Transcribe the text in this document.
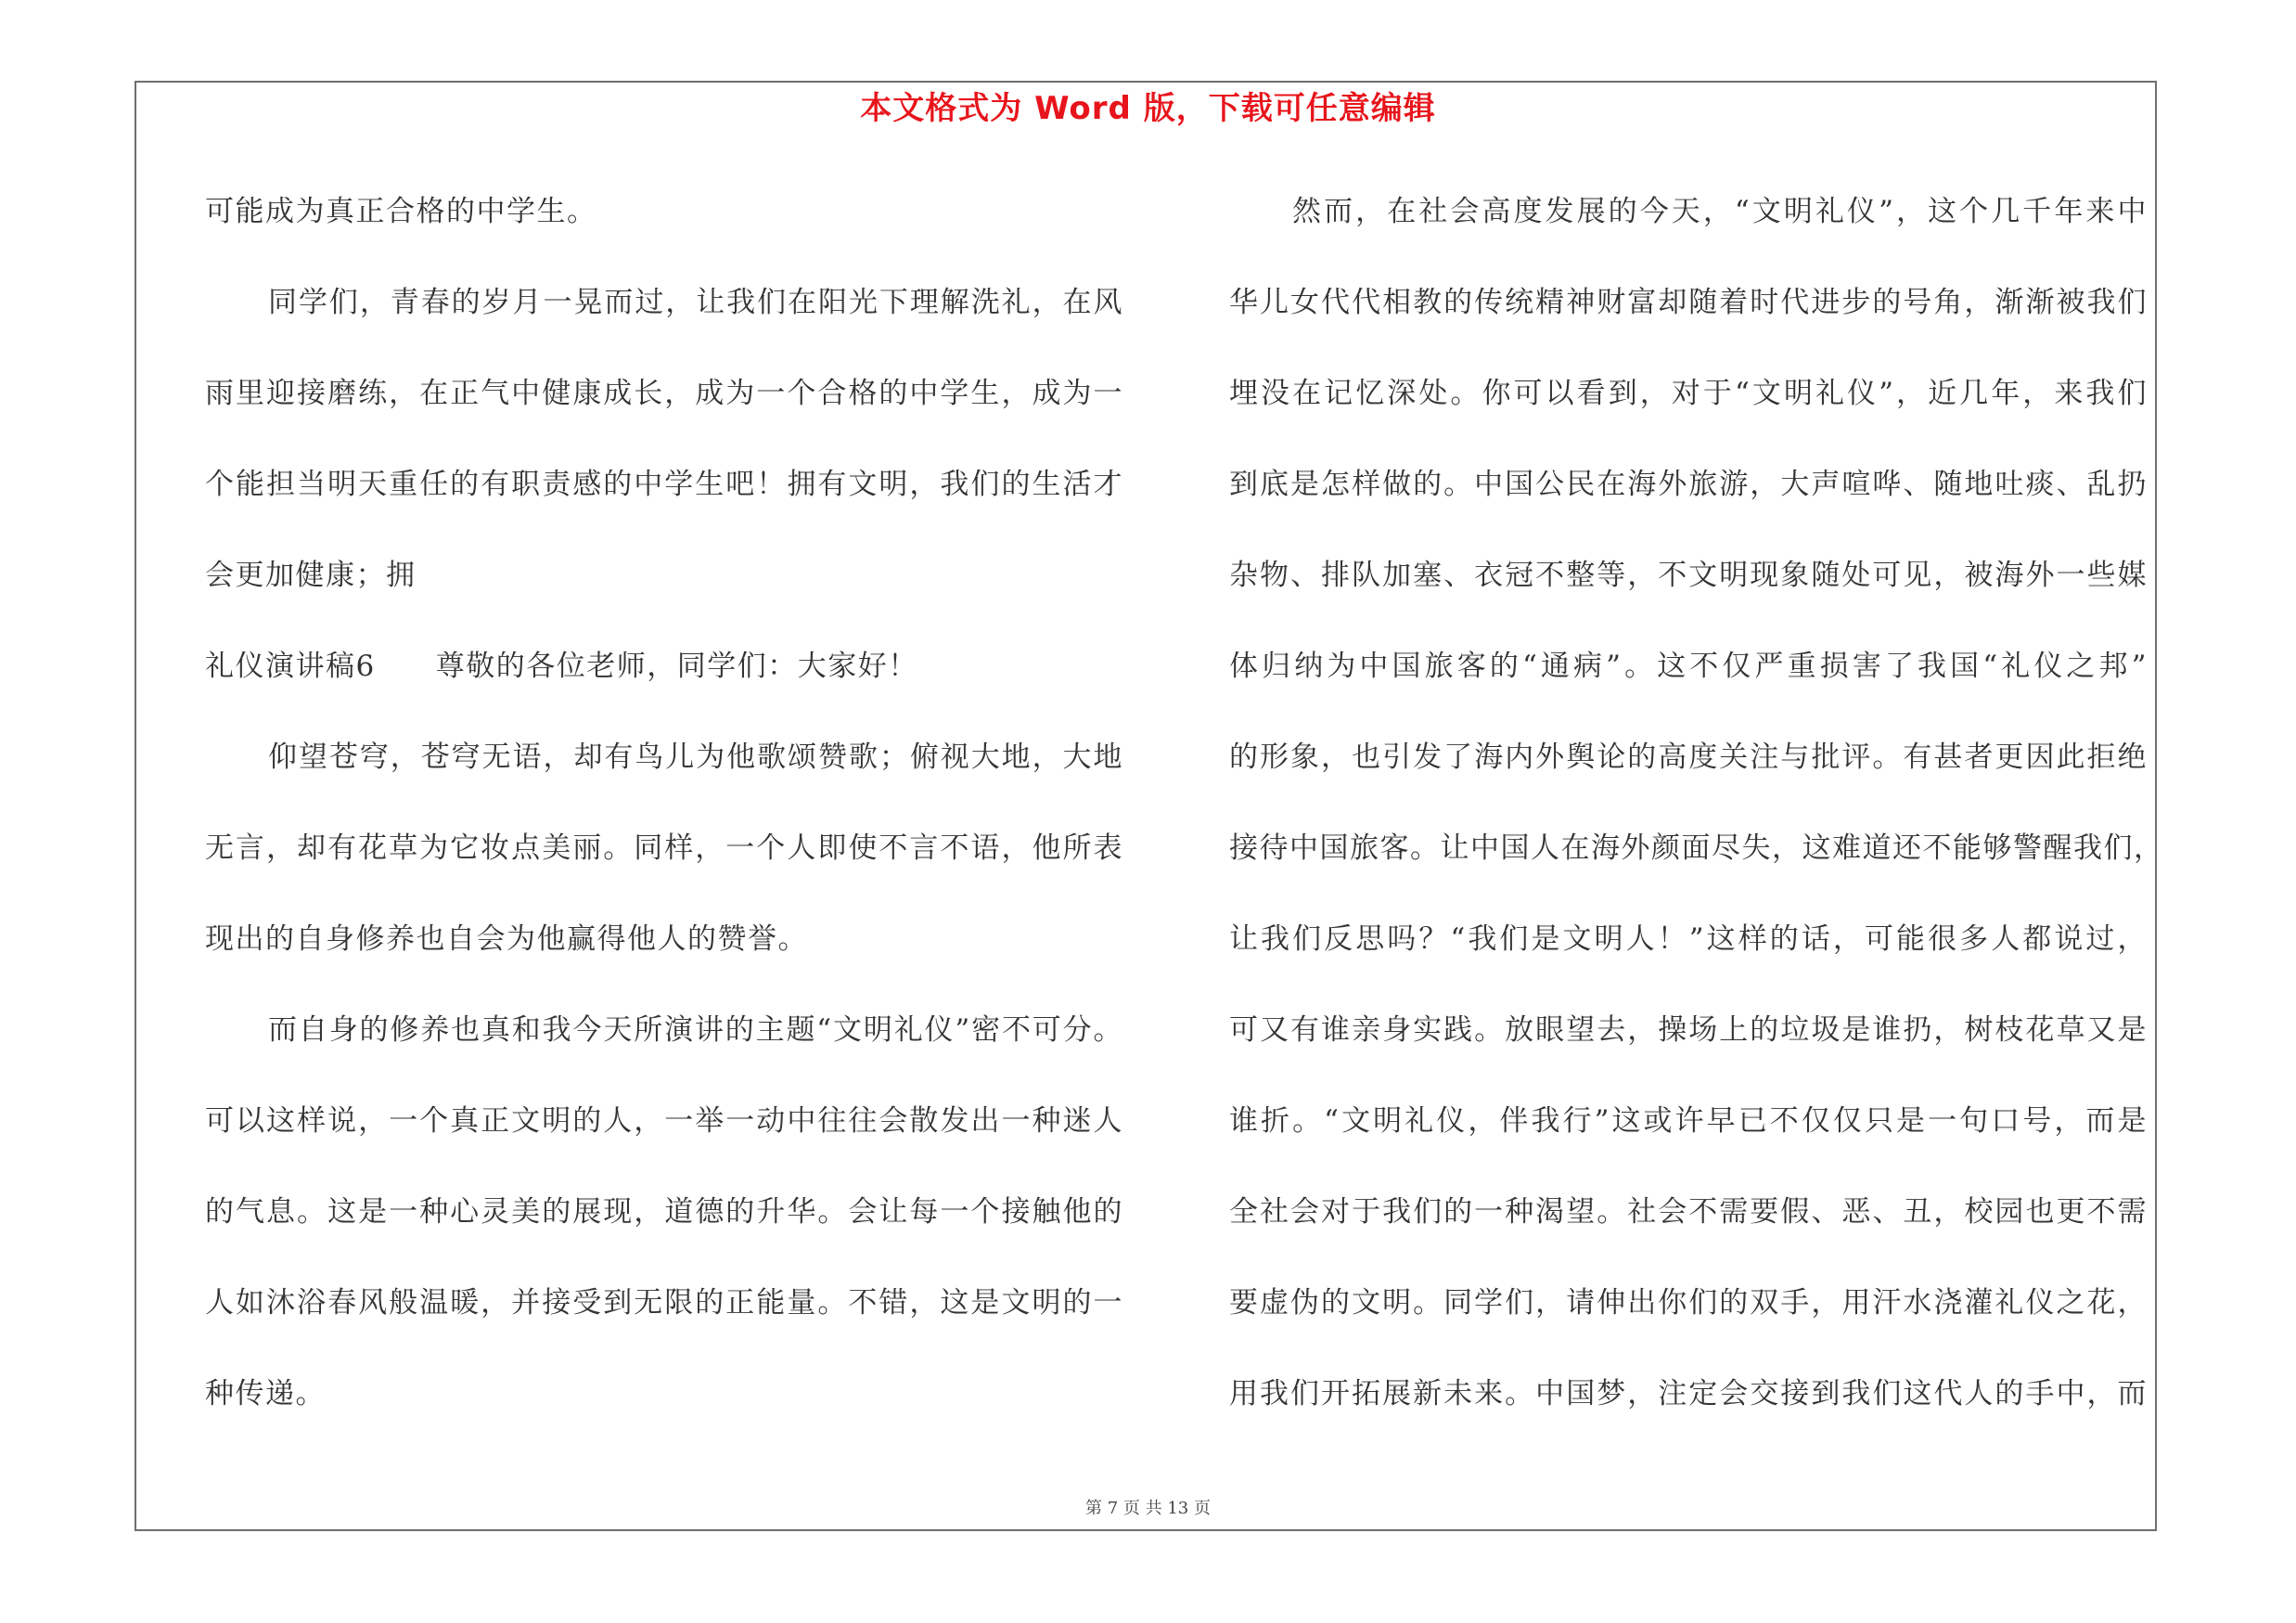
本文格式为 Word 版，下载可任意编辑
可能成为真正合格的中学生。
同学们，青春的岁月一晃而过，让我们在阳光下理解洗礼，在风
雨里迎接磨练，在正气中健康成长，成为一个合格的中学生，成为一
个能担当明天重任的有职责感的中学生吧！拥有文明，我们的生活才
会更加健康；拥
礼仪演讲稿6　　尊敬的各位老师，同学们：大家好！
仰望苍穹，苍穹无语，却有鸟儿为他歌颂赞歌；俯视大地，大地
无言，却有花草为它妆点美丽。同样，一个人即使不言不语，他所表
现出的自身修养也自会为他赢得他人的赞誉。
而自身的修养也真和我今天所演讲的主题“文明礼仪”密不可分。
可以这样说，一个真正文明的人，一举一动中往往会散发出一种迷人
的气息。这是一种心灵美的展现，道德的升华。会让每一个接触他的
人如沐浴春风般温暖，并接受到无限的正能量。不错，这是文明的一
种传递。
然而，在社会高度发展的今天，“文明礼仪”，这个几千年来中
华儿女代代相教的传统精神财富却随着时代进步的号角，渐渐被我们
埋没在记忆深处。你可以看到，对于“文明礼仪”，近几年，来我们
到底是怎样做的。中国公民在海外旅游，大声喧哗、随地吐痰、乱扔
杂物、排队加塞、衣冠不整等，不文明现象随处可见，被海外一些媒
体归纳为中国旅客的“通病”。这不仅严重损害了我国“礼仪之邦”
的形象，也引发了海内外舆论的高度关注与批评。有甚者更因此拒绝
接待中国旅客。让中国人在海外颜面尽失，这难道还不能够警醒我们，
让我们反思吗？“我们是文明人！”这样的话，可能很多人都说过，
可又有谁亲身实践。放眼望去，操场上的垃圾是谁扔，树枝花草又是
谁折。“文明礼仪，伴我行”这或许早已不仅仅只是一句口号，而是
全社会对于我们的一种渴望。社会不需要假、恶、丑，校园也更不需
要虚伪的文明。同学们，请伸出你们的双手，用汗水浇灌礼仪之花，
用我们开拓展新未来。中国梦，注定会交接到我们这代人的手中，而
第 7 页 共 13 页
